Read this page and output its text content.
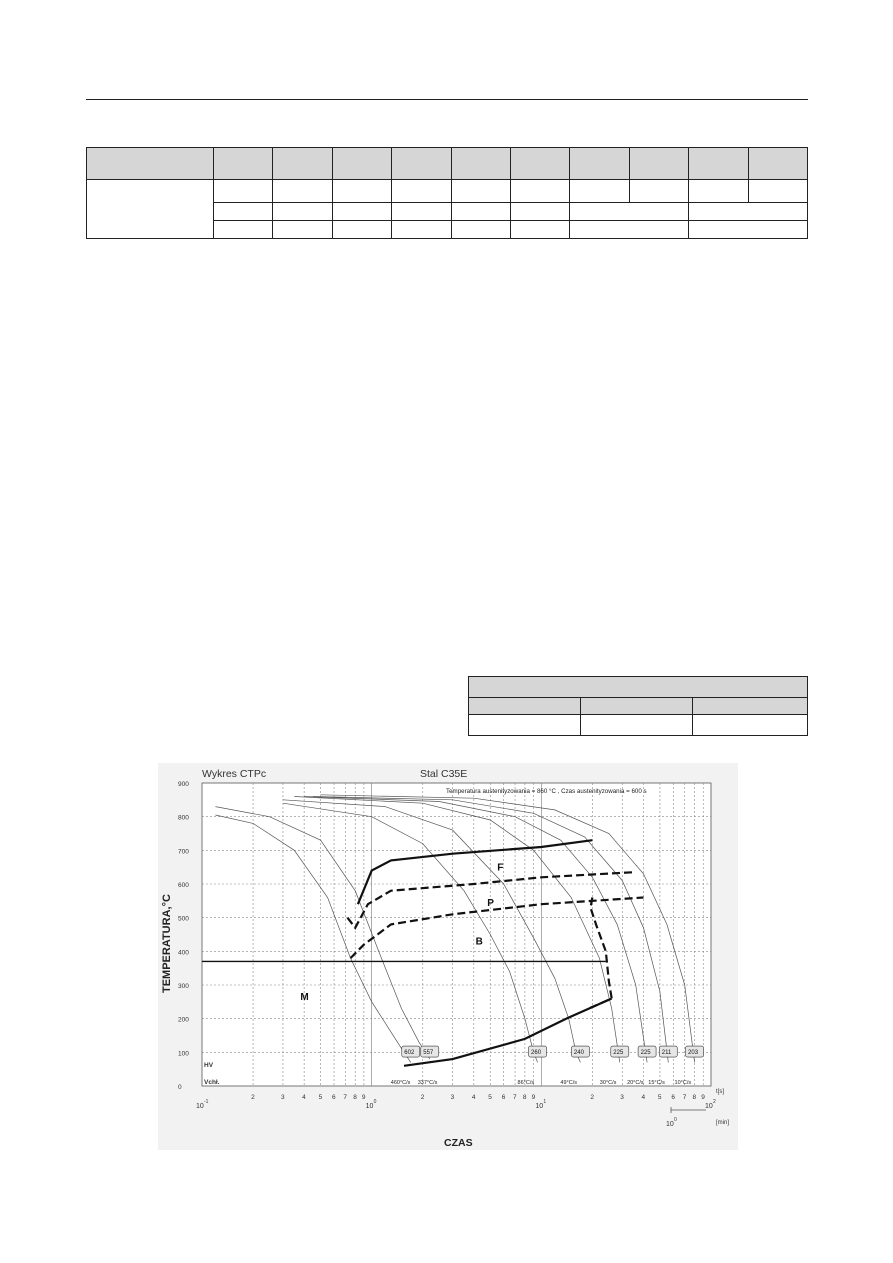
0
100
200
300
400
500
600
700
800
900
10
-1
2	3	4 5 6 7 8 9
10
0
2	3	4 5 6 7 8 9
10
1
2	3	4 5 6 7 8 9
10
2
602
460°C/s
557
337°C/s
260
86°C/s
240
49°C/s
225
30°C/s
225
20°C/s
211
15°C/s
203
10°C/s
F
P
B
M
Wykres CTPc	Stal C35E
Temperatura austenityzowania = 860 °C , Czas austenityzowania = 600 s
TEMPERATURA,°C
CZAS
t[s]
HV
Vchł.
10
0	[min]
